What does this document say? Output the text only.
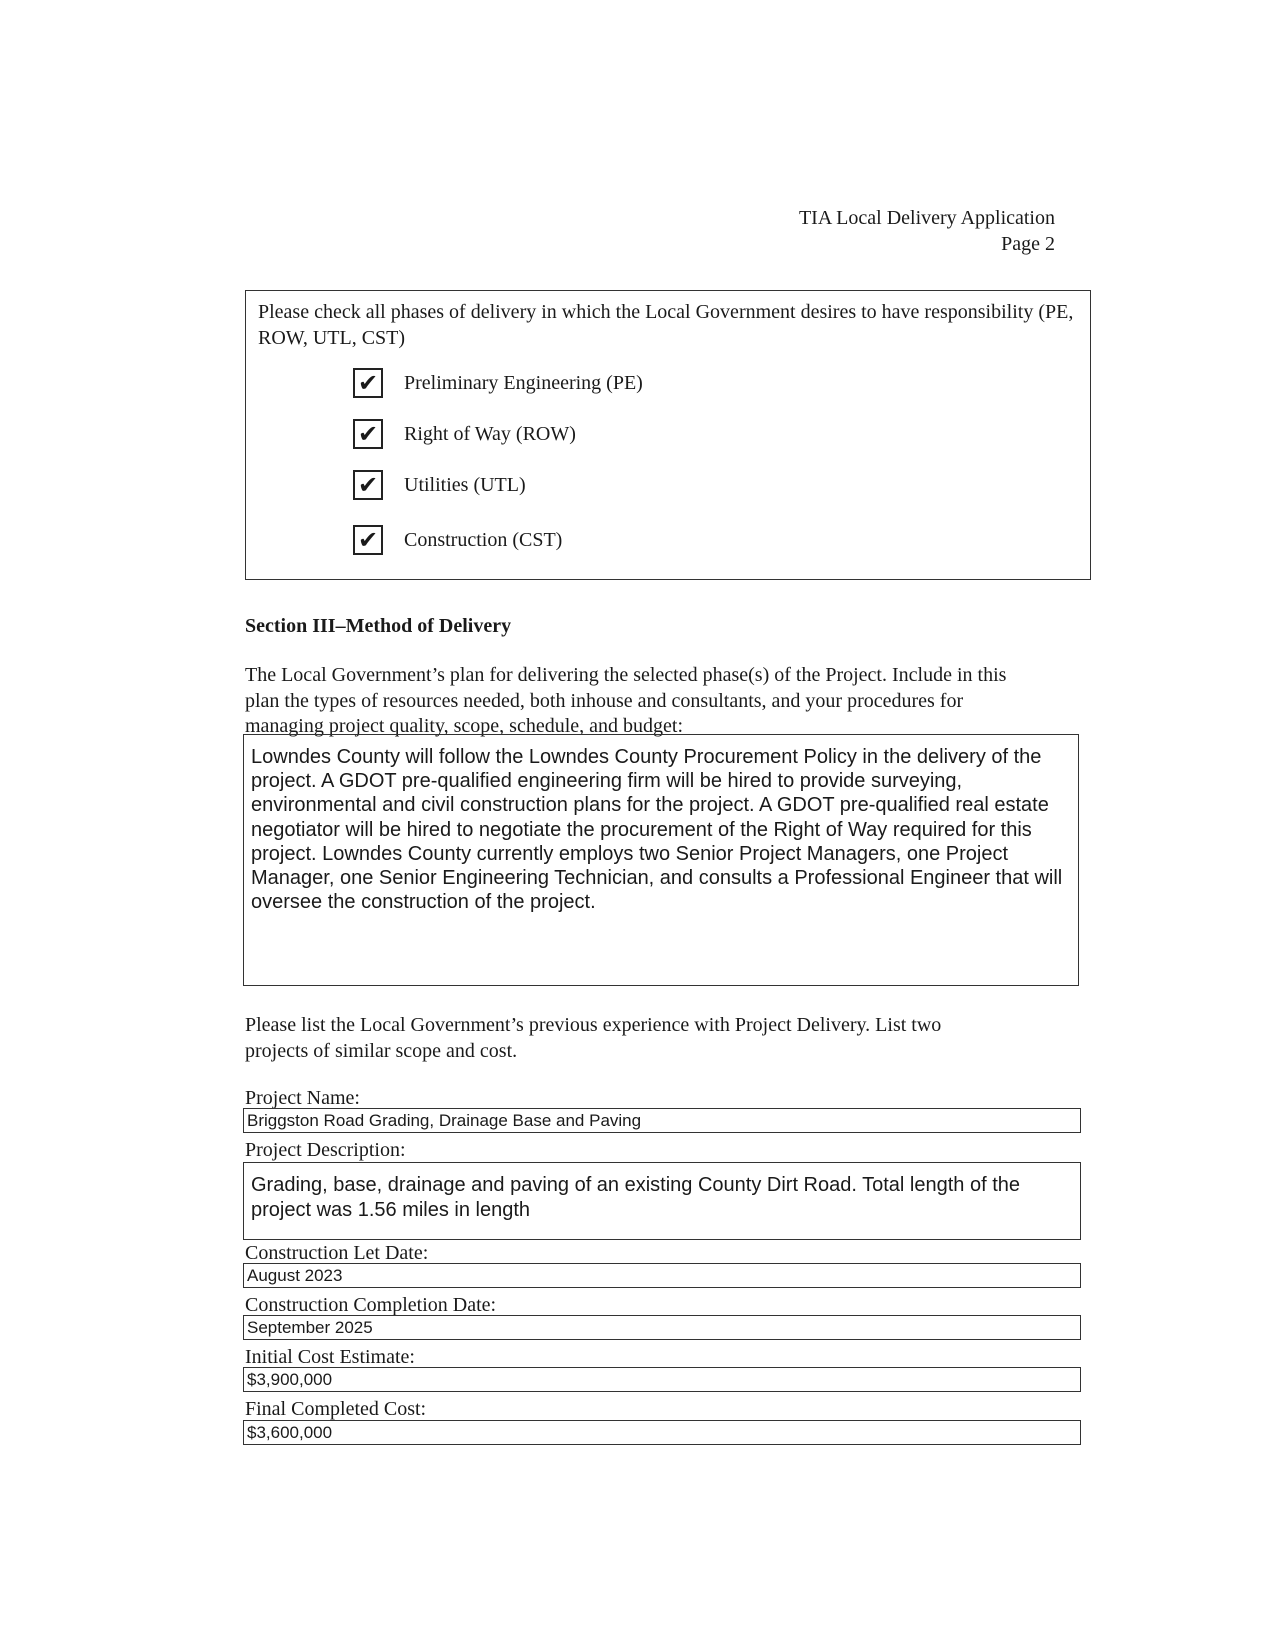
TIA Local Delivery Application
Page 2
Please check all phases of delivery in which the Local Government desires to have responsibility (PE, ROW, UTL, CST)
✔ Preliminary Engineering (PE)
✔ Right of Way (ROW)
✔ Utilities (UTL)
✔ Construction (CST)
Section III–Method of Delivery
The Local Government’s plan for delivering the selected phase(s) of the Project. Include in this plan the types of resources needed, both inhouse and consultants, and your procedures for managing project quality, scope, schedule, and budget:
Lowndes County will follow the Lowndes County Procurement Policy in the delivery of the project. A GDOT pre-qualified engineering firm will be hired to provide surveying, environmental and civil construction plans for the project. A GDOT pre-qualified real estate negotiator will be hired to negotiate the procurement of the Right of Way required for this project. Lowndes County currently employs two Senior Project Managers, one Project Manager, one Senior Engineering Technician, and consults a Professional Engineer that will oversee the construction of the project.
Please list the Local Government’s previous experience with Project Delivery. List two projects of similar scope and cost.
Project Name:
Briggston Road Grading, Drainage Base and Paving
Project Description:
Grading, base, drainage and paving of an existing County Dirt Road. Total length of the project was 1.56 miles in length
Construction Let Date:
August 2023
Construction Completion Date:
September 2025
Initial Cost Estimate:
$3,900,000
Final Completed Cost:
$3,600,000
